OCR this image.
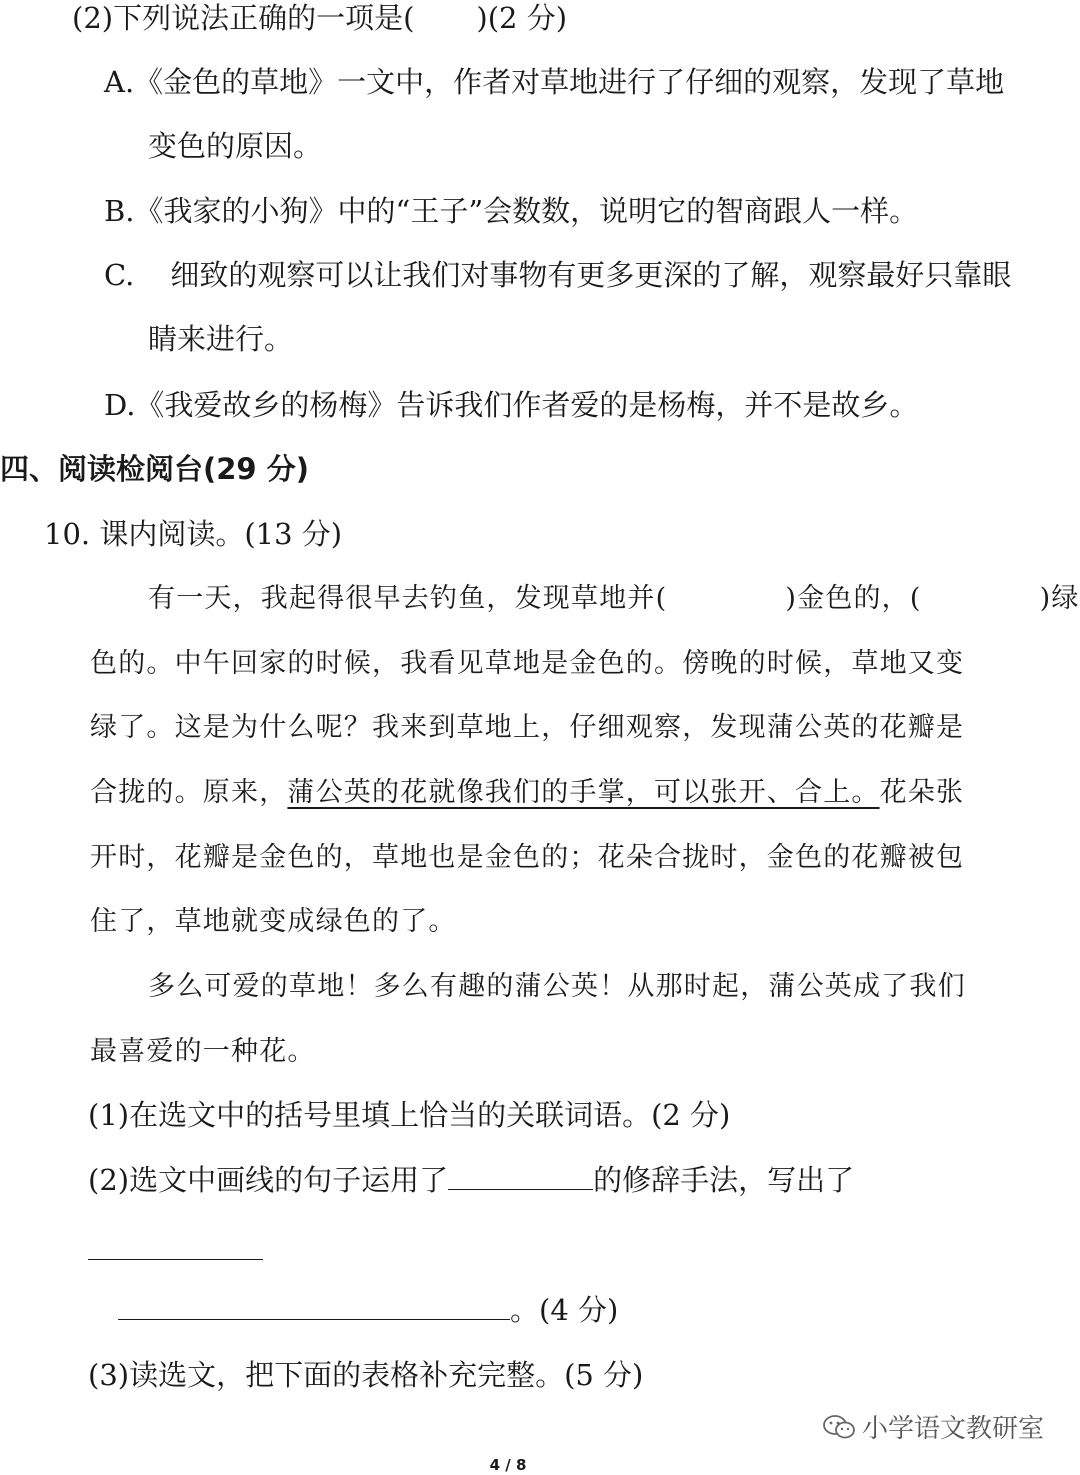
(2)下列说法正确的一项是( )(2 分)
A.《金色的草地》一文中，作者对草地进行了仔细的观察，发现了草地
变色的原因。
B.《我家的小狗》中的“王子”会数数，说明它的智商跟人一样。
C. 细致的观察可以让我们对事物有更多更深的了解，观察最好只靠眼
睛来进行。
D.《我爱故乡的杨梅》告诉我们作者爱的是杨梅，并不是故乡。
四、阅读检阅台(29 分)
10. 课内阅读。(13 分)
有一天，我起得很早去钓鱼，发现草地并(	)金色的，(	)绿
色的。中午回家的时候，我看见草地是金色的。傍晚的时候，草地又变
绿了。这是为什么呢？我来到草地上，仔细观察，发现蒲公英的花瓣是
合拢的。原来，蒲公英的花就像我们的手掌，可以张开、合上。花朵张
开时，花瓣是金色的，草地也是金色的；花朵合拢时，金色的花瓣被包
住了，草地就变成绿色的了。
多么可爱的草地！多么有趣的蒲公英！从那时起，蒲公英成了我们
最喜爱的一种花。
(1)在选文中的括号里填上恰当的关联词语。(2 分)
(2)选文中画线的句子运用了	的修辞手法，写出了
。(4 分)
(3)读选文，把下面的表格补充完整。(5 分)
小学语文教研室
4 / 8
